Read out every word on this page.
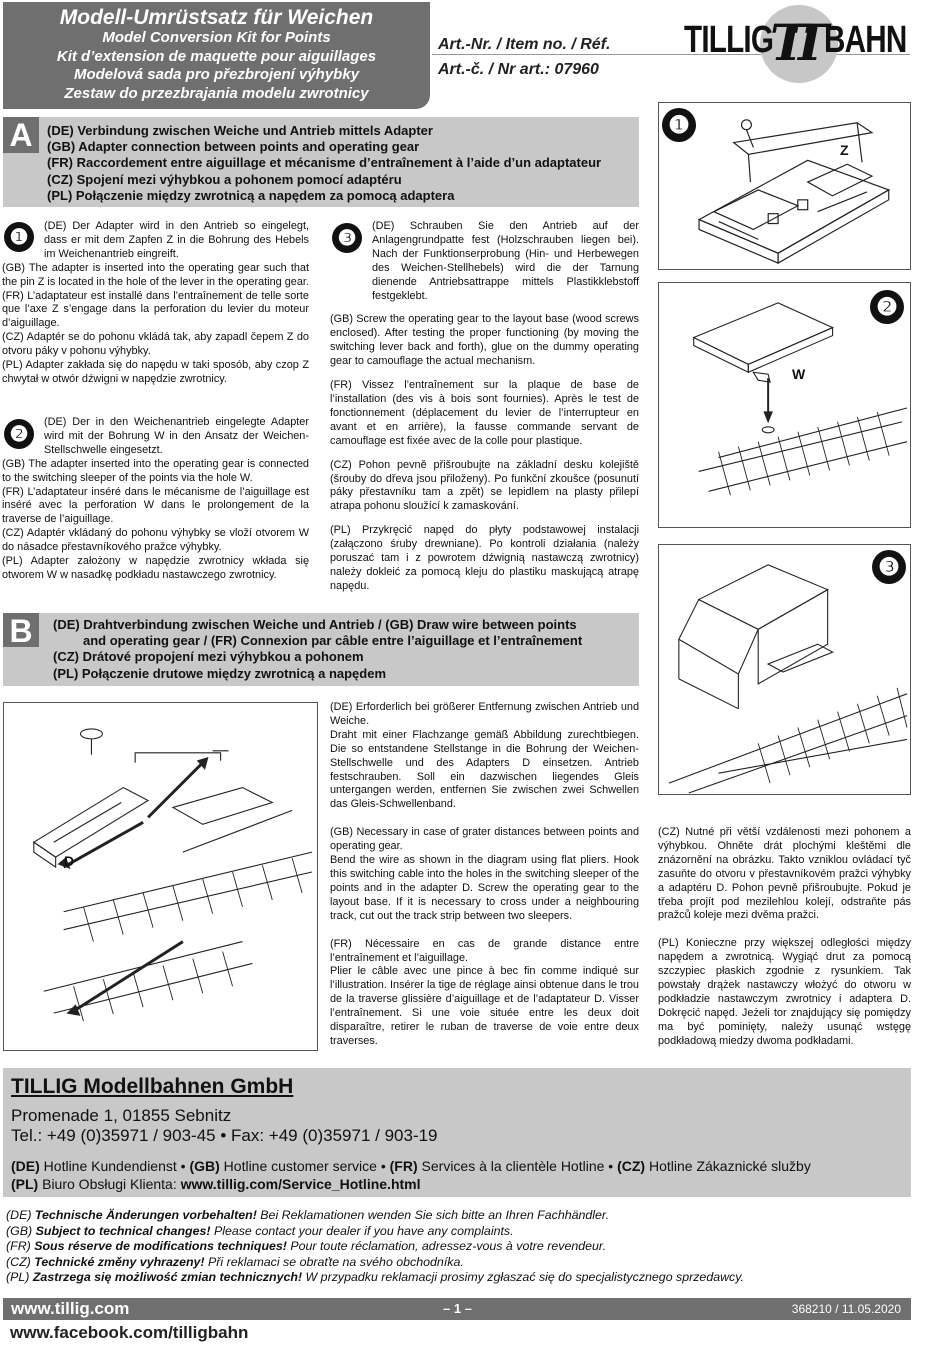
Modell-Umrüstsatz für Weichen
Model Conversion Kit for Points
Kit d’extension de maquette pour aiguillages
Modelová sada pro přezbrojení výhybky
Zestaw do przezbrajania modelu zwrotnicy
Art.-Nr. / Item no. / Réf.
Art.-č. / Nr art.: 07960	TT
TILLIG BAHN
A	(DE) Verbindung zwischen Weiche und Antrieb mittels Adapter
(GB) Adapter connection between points and operating gear
(FR) Raccordement entre aiguillage et mécanisme d’entraînement à l’aide d’un adaptateur
(CZ) Spojení mezi výhybkou a pohonem pomocí adaptéru
(PL) Połączenie między zwrotnicą a napędem za pomocą adaptera
❶	(DE) Der Adapter wird in den Antrieb so eingelegt, dass er mit dem Zapfen Z in die Bohrung des Hebels im Weichenantrieb eingreift.

(GB) The adapter is inserted into the operating gear such that the pin Z is located in the hole of the lever in the operating gear.

(FR) L’adaptateur est installé dans l’entraînement de telle sorte que l’axe Z s’engage dans la perforation du levier du moteur d’aiguillage.

(CZ) Adaptér se do pohonu vkládá tak, aby zapadl čepem Z do otvoru páky v pohonu výhybky.

(PL) Adapter zakłada się do napędu w taki sposób, aby czop Z chwytał w otwór dźwigni w napędzie zwrotnicy.

❷	(DE) Der in den Weichenantrieb eingelegte Adapter wird mit der Bohrung W in den Ansatz der Weichen-Stellschwelle eingesetzt.

(GB) The adapter inserted into the operating gear is connected to the switching sleeper of the points via the hole W.

(FR) L’adaptateur inséré dans le mécanisme de l’aiguillage est inséré avec la perforation W dans le prolongement de la traverse de l’aiguillage.

(CZ) Adaptér vkládaný do pohonu výhybky se vloží otvorem W do násadce přestavníkového pražce výhybky.

(PL) Adapter założony w napędzie zwrotnicy wkłada się otworem W w nasadkę podkładu nastawczego zwrotnicy.

❸	(DE) Schrauben Sie den Antrieb auf der Anlagengrundpatte fest (Holzschrauben liegen bei). Nach der Funktionserprobung (Hin- und Herbewegen des Weichen-Stellhebels) wird die der Tarnung dienende Antriebsattrappe mittels Plastikklebstoff festgeklebt.

(GB) Screw the operating gear to the layout base (wood screws enclosed). After testing the proper functioning (by moving the switching lever back and forth), glue on the dummy operating gear to camouflage the actual mechanism.

(FR) Vissez l’entraînement sur la plaque de base de l’installation (des vis à bois sont fournies). Après le test de fonctionnement (déplacement du levier de l’interrupteur en avant et en arrière), la fausse commande servant de camouflage est fixée avec de la colle pour plastique.

(CZ) Pohon pevně přišroubujte na základní desku kolejiště (šrouby do dřeva jsou přiloženy). Po funkční zkoušce (posunutí páky přestavníku tam a zpět) se lepidlem na plasty přilepí atrapa pohonu sloužící k zamaskování.

(PL) Przykręcić napęd do płyty podstawowej instalacji (załączono śruby drewniane). Po kontroli działania (należy poruszać tam i z powrotem dźwignią nastawczą zwrotnicy) należy dokleić za pomocą kleju do plastiku maskującą atrapę napędu.

❶
Z
❷
W
❸
B	(DE) Drahtverbindung zwischen Weiche und Antrieb / (GB) Draw wire between points
and operating gear / (FR) Connexion par câble entre l’aiguillage et l’entraînement
(CZ) Drátové propojení mezi výhybkou a pohonem
(PL) Połączenie drutowe między zwrotnicą a napędem
D

(DE) Erforderlich bei größerer Entfernung zwischen Antrieb und Weiche.

Draht mit einer Flachzange gemäß Abbildung zurechtbiegen. Die so entstandene Stellstange in die Bohrung der Weichen-Stellschwelle und des Adapters D einsetzen. Antrieb festschrauben. Soll ein dazwischen liegendes Gleis untergangen werden, entfernen Sie zwischen zwei Schwellen das Gleis-Schwellenband.

(GB) Necessary in case of grater distances between points and operating gear.

Bend the wire as shown in the diagram using flat pliers. Hook this switching cable into the holes in the switching sleeper of the points and in the adapter D. Screw the operating gear to the layout base. If it is necessary to cross under a neighbouring track, cut out the track strip between two sleepers.

(FR) Nécessaire en cas de grande distance entre l’entraînement et l’aiguillage.

Plier le câble avec une pince à bec fin comme indiqué sur l’illustration. Insérer la tige de réglage ainsi obtenue dans le trou de la traverse glissière d’aiguillage et de l’adaptateur D. Visser l’entraînement. Si une voie située entre les deux doit disparaître, retirer le ruban de traverse de voie entre deux traverses.

(CZ) Nutné při větší vzdálenosti mezi pohonem a výhybkou. Ohněte drát plochými kleštěmi dle znázornění na obrázku. Takto vzniklou ovládací tyč zasuňte do otvoru v přestavníkovém pražci výhybky a adaptéru D. Pohon pevně přišroubujte. Pokud je třeba projít pod mezilehlou kolejí, odstraňte pás pražců koleje mezi dvěma pražci.

(PL) Konieczne przy większej odległości między napędem a zwrotnicą. Wygiąć drut za pomocą szczypiec płaskich zgodnie z rysunkiem. Tak powstały drążek nastawczy włożyć do otworu w podkładzie nastawczym zwrotnicy i adaptera D. Dokręcić napęd. Jeżeli tor znajdujący się pomiędzy ma być pominięty, należy usunąć wstęgę podkładową miedzy dwoma podkładami.

TILLIG Modellbahnen GmbH
Promenade 1, 01855 Sebnitz
Tel.: +49 (0)35971 / 903-45 • Fax: +49 (0)35971 / 903-19
(DE) Hotline Kundendienst • (GB) Hotline customer service • (FR) Services à la clientèle Hotline • (CZ) Hotline Zákaznické služby
(PL) Biuro Obsługi Klienta: www.tillig.com/Service_Hotline.html
(DE) Technische Änderungen vorbehalten! Bei Reklamationen wenden Sie sich bitte an Ihren Fachhändler.
(GB) Subject to technical changes! Please contact your dealer if you have any complaints.
(FR) Sous réserve de modifications techniques! Pour toute réclamation, adressez-vous à votre revendeur.
(CZ) Technické změny vyhrazeny! Při reklamaci se obraťte na svého obchodníka.
(PL) Zastrzega się możliwość zmian technicznych! W przypadku reklamacji prosimy zgłaszać się do specjalistycznego sprzedawcy.
www.tillig.com	– 1 –	368210 / 11.05.2020
www.facebook.com/tilligbahn
